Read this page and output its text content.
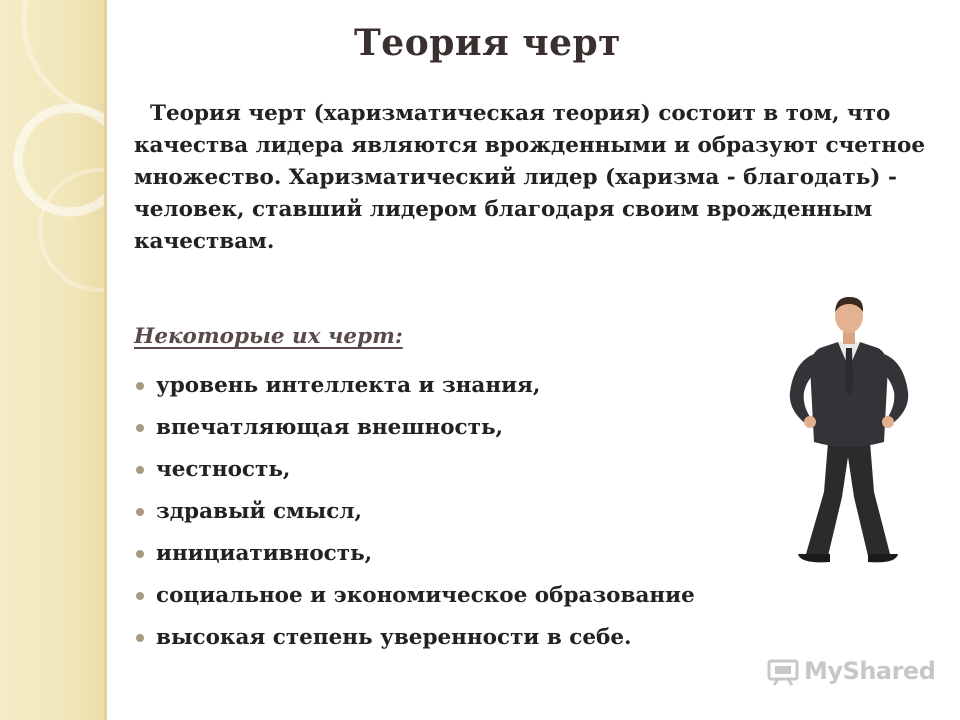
Теория черт

Теория черт (харизматическая теория) состоит в том, что качества лидера являются врожденными и образуют счетное множество. Харизматический лидер (харизма - благодать) - человек, ставший лидером благодаря своим врожденным качествам.

Некоторые их черт:

уровень интеллекта и знания,
впечатляющая внешность,
честность,
здравый смысл,
инициативность,
социальное и экономическое образование
высокая степень уверенности в себе.
MyShared
